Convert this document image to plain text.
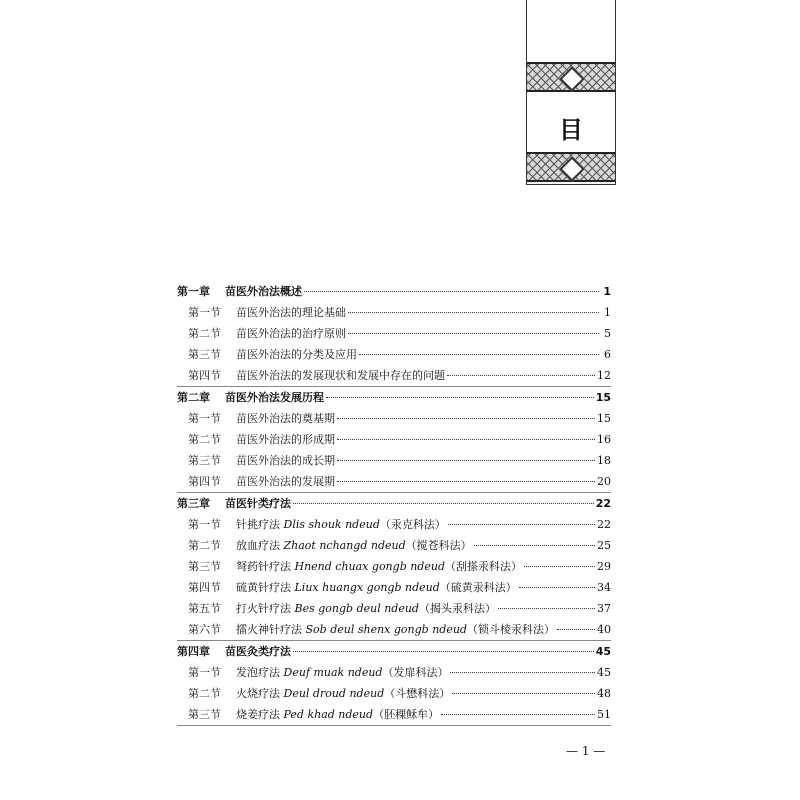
目
第一章	苗医外治法概述	1
第一节	苗医外治法的理论基础	1
第二节	苗医外治法的治疗原则	5
第三节	苗医外治法的分类及应用	6
第四节	苗医外治法的发展现状和发展中存在的问题	12
第二章	苗医外治法发展历程	15
第一节	苗医外治法的奠基期	15
第二节	苗医外治法的形成期	16
第三节	苗医外治法的成长期	18
第四节	苗医外治法的发展期	20
第三章	苗医针类疗法	22
第一节	针挑疗法 Dlis shouk ndeud（汞克科法）	22
第二节	放血疗法 Zhaot nchangd ndeud（搅苍科法）	25
第三节	弩药针疗法 Hnend chuax gongb ndeud（刮搽汞科法）	29
第四节	硫黄针疗法 Liux huangx gongb ndeud（硫黄汞科法）	34
第五节	打火针疗法 Bes gongb deul ndeud（揭头汞科法）	37
第六节	擂火神针疗法 Sob deul shenx gongb ndeud（锁斗棱汞科法）	40
第四章	苗医灸类疗法	45
第一节	发泡疗法 Deuf muak ndeud（发扉科法）	45
第二节	火烧疗法 Deul droud ndeud（斗懋科法）	48
第三节	烧姜疗法 Ped khad ndeud（胚稞稣牟）	51
— 1 —
